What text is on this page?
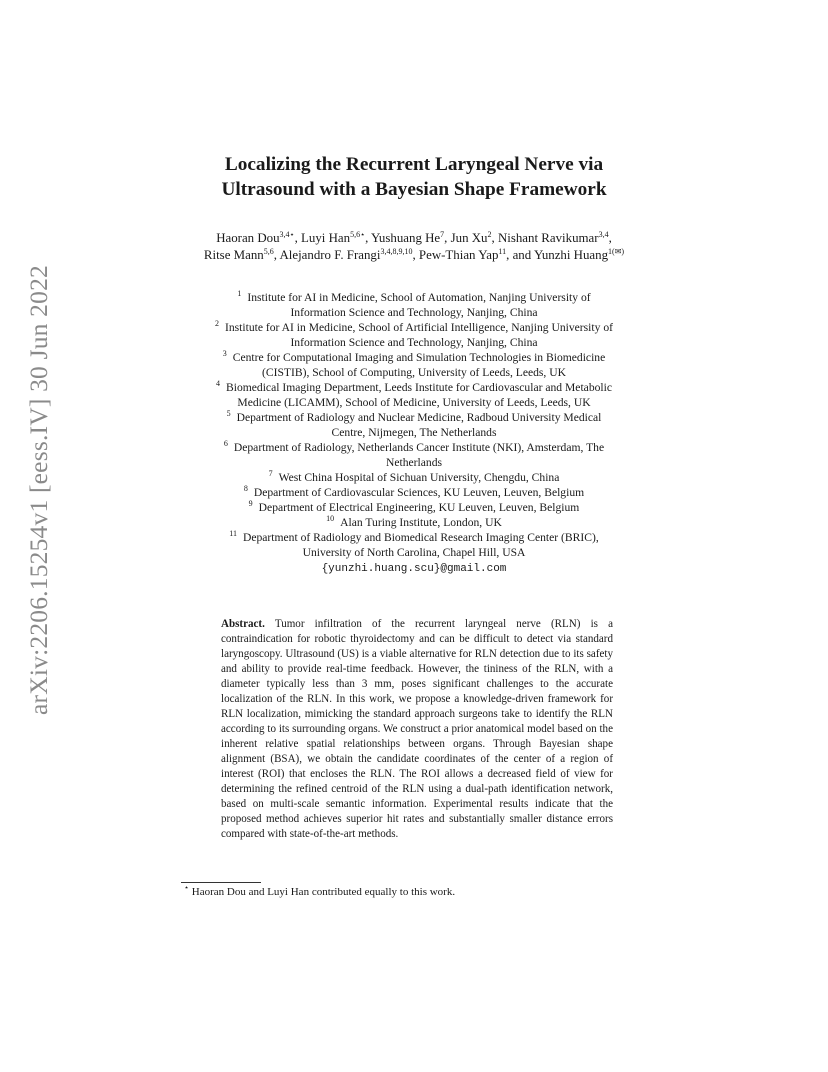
arXiv:2206.15254v1 [eess.IV] 30 Jun 2022
Localizing the Recurrent Laryngeal Nerve via
Ultrasound with a Bayesian Shape Framework
Haoran Dou$^{3,4⋆}$, Luyi Han$^{5,6⋆}$, Yushuang He$^7$, Jun Xu$^2$, Nishant Ravikumar$^{3,4}$,
Ritse Mann$^{5,6}$, Alejandro F. Frangi$^{3,4,8,9,10}$, Pew-Thian Yap$^{11}$, and Yunzhi Huang$^{1(✉)}$

$^1$ Institute for AI in Medicine, School of Automation, Nanjing University of
Information Science and Technology, Nanjing, China

$^2$ Institute for AI in Medicine, School of Artificial Intelligence, Nanjing University of
Information Science and Technology, Nanjing, China

$^3$ Centre for Computational Imaging and Simulation Technologies in Biomedicine
(CISTIB), School of Computing, University of Leeds, Leeds, UK

$^4$ Biomedical Imaging Department, Leeds Institute for Cardiovascular and Metabolic
Medicine (LICAMM), School of Medicine, University of Leeds, Leeds, UK

$^5$ Department of Radiology and Nuclear Medicine, Radboud University Medical
Centre, Nijmegen, The Netherlands

$^6$ Department of Radiology, Netherlands Cancer Institute (NKI), Amsterdam, The
Netherlands

$^7$ West China Hospital of Sichuan University, Chengdu, China

$^8$ Department of Cardiovascular Sciences, KU Leuven, Leuven, Belgium

$^9$ Department of Electrical Engineering, KU Leuven, Leuven, Belgium

$^{10}$ Alan Turing Institute, London, UK

$^{11}$ Department of Radiology and Biomedical Research Imaging Center (BRIC),
University of North Carolina, Chapel Hill, USA

{yunzhi.huang.scu}@gmail.com

Abstract. Tumor infiltration of the recurrent laryngeal nerve (RLN) is a contraindication for robotic thyroidectomy and can be difficult to detect via standard laryngoscopy. Ultrasound (US) is a viable alternative for RLN detection due to its safety and ability to provide real-time feedback. However, the tininess of the RLN, with a diameter typically less than 3 mm, poses significant challenges to the accurate localization of the RLN. In this work, we propose a knowledge-driven framework for RLN localization, mimicking the standard approach surgeons take to identify the RLN according to its surrounding organs. We construct a prior anatomical model based on the inherent relative spatial relationships between organs. Through Bayesian shape alignment (BSA), we obtain the candidate coordinates of the center of a region of interest (ROI) that encloses the RLN. The ROI allows a decreased field of view for determining the refined centroid of the RLN using a dual-path identification network, based on multi-scale semantic information. Experimental results indicate that the proposed method achieves superior hit rates and substantially smaller distance errors compared with state-of-the-art methods.
⋆ Haoran Dou and Luyi Han contributed equally to this work.
